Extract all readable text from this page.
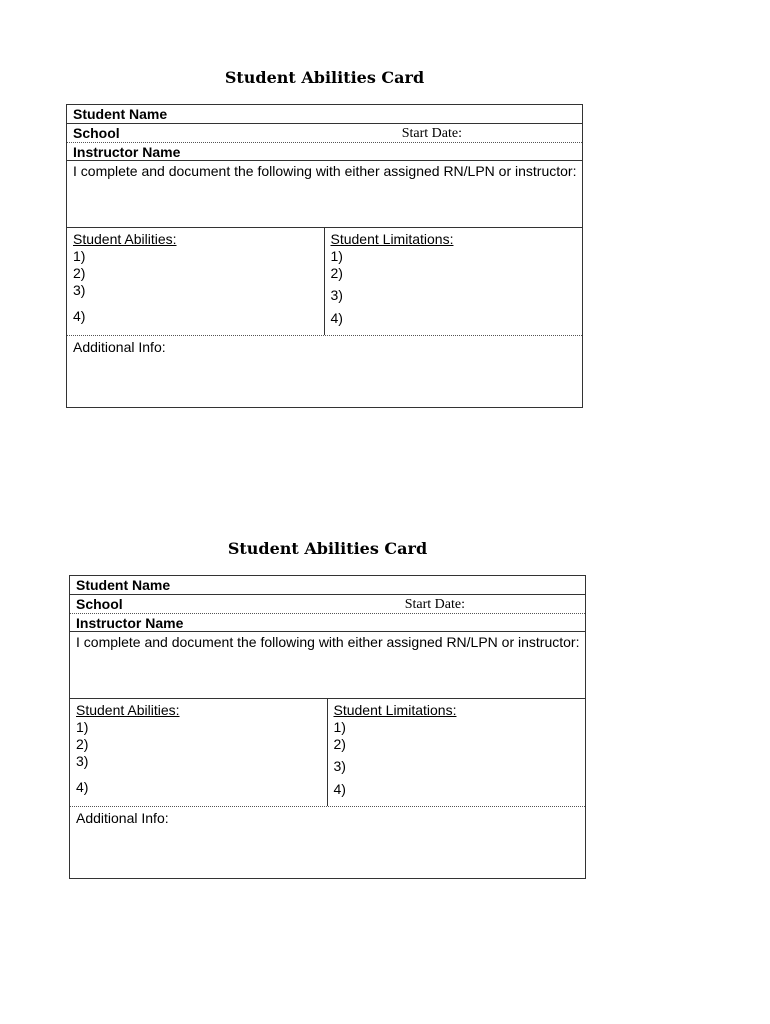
Student Abilities Card
Student Name
School	Start Date:
Instructor Name
I complete and document the following with either assigned RN/LPN or instructor:
Student Abilities:
1)
2)
3)
4)
Student Limitations:
1)
2)
3)
4)
Additional Info:
Student Abilities Card
Student Name
School	Start Date:
Instructor Name
I complete and document the following with either assigned RN/LPN or instructor:
Student Abilities:
1)
2)
3)
4)
Student Limitations:
1)
2)
3)
4)
Additional Info:
